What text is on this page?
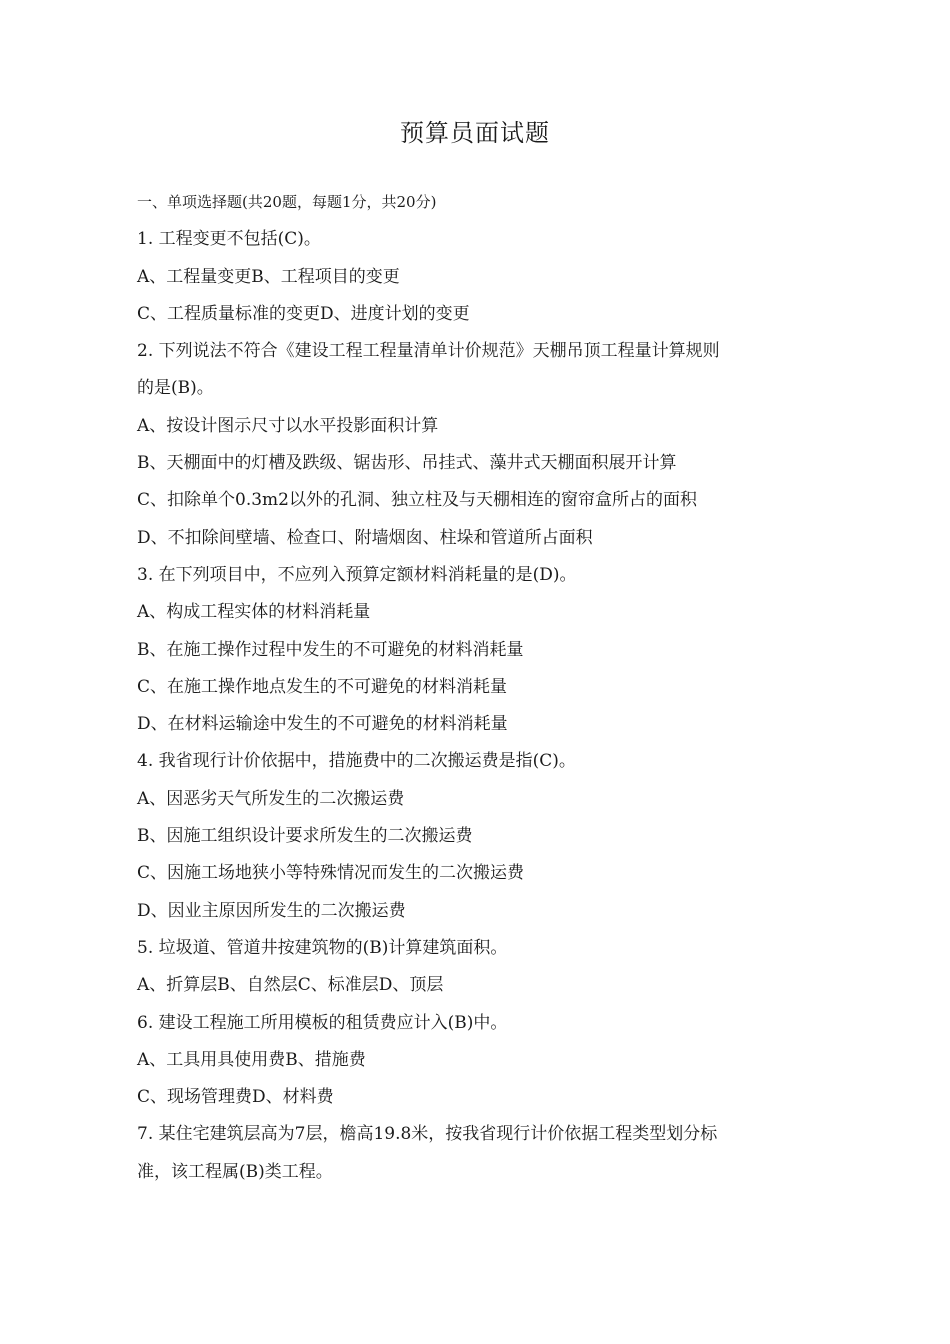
预算员面试题
一、单项选择题(共20题，每题1分，共20分)
1. 工程变更不包括(C)。
A、工程量变更B、工程项目的变更
C、工程质量标准的变更D、进度计划的变更
2. 下列说法不符合《建设工程工程量清单计价规范》天棚吊顶工程量计算规则
的是(B)。
A、按设计图示尺寸以水平投影面积计算
B、天棚面中的灯槽及跌级、锯齿形、吊挂式、藻井式天棚面积展开计算
C、扣除单个0.3m2以外的孔洞、独立柱及与天棚相连的窗帘盒所占的面积
D、不扣除间壁墙、检查口、附墙烟囱、柱垛和管道所占面积
3. 在下列项目中，不应列入预算定额材料消耗量的是(D)。
A、构成工程实体的材料消耗量
B、在施工操作过程中发生的不可避免的材料消耗量
C、在施工操作地点发生的不可避免的材料消耗量
D、在材料运输途中发生的不可避免的材料消耗量
4. 我省现行计价依据中，措施费中的二次搬运费是指(C)。
A、因恶劣天气所发生的二次搬运费
B、因施工组织设计要求所发生的二次搬运费
C、因施工场地狭小等特殊情况而发生的二次搬运费
D、因业主原因所发生的二次搬运费
5. 垃圾道、管道井按建筑物的(B)计算建筑面积。
A、折算层B、自然层C、标准层D、顶层
6. 建设工程施工所用模板的租赁费应计入(B)中。
A、工具用具使用费B、措施费
C、现场管理费D、材料费
7. 某住宅建筑层高为7层，檐高19.8米，按我省现行计价依据工程类型划分标
准，该工程属(B)类工程。
